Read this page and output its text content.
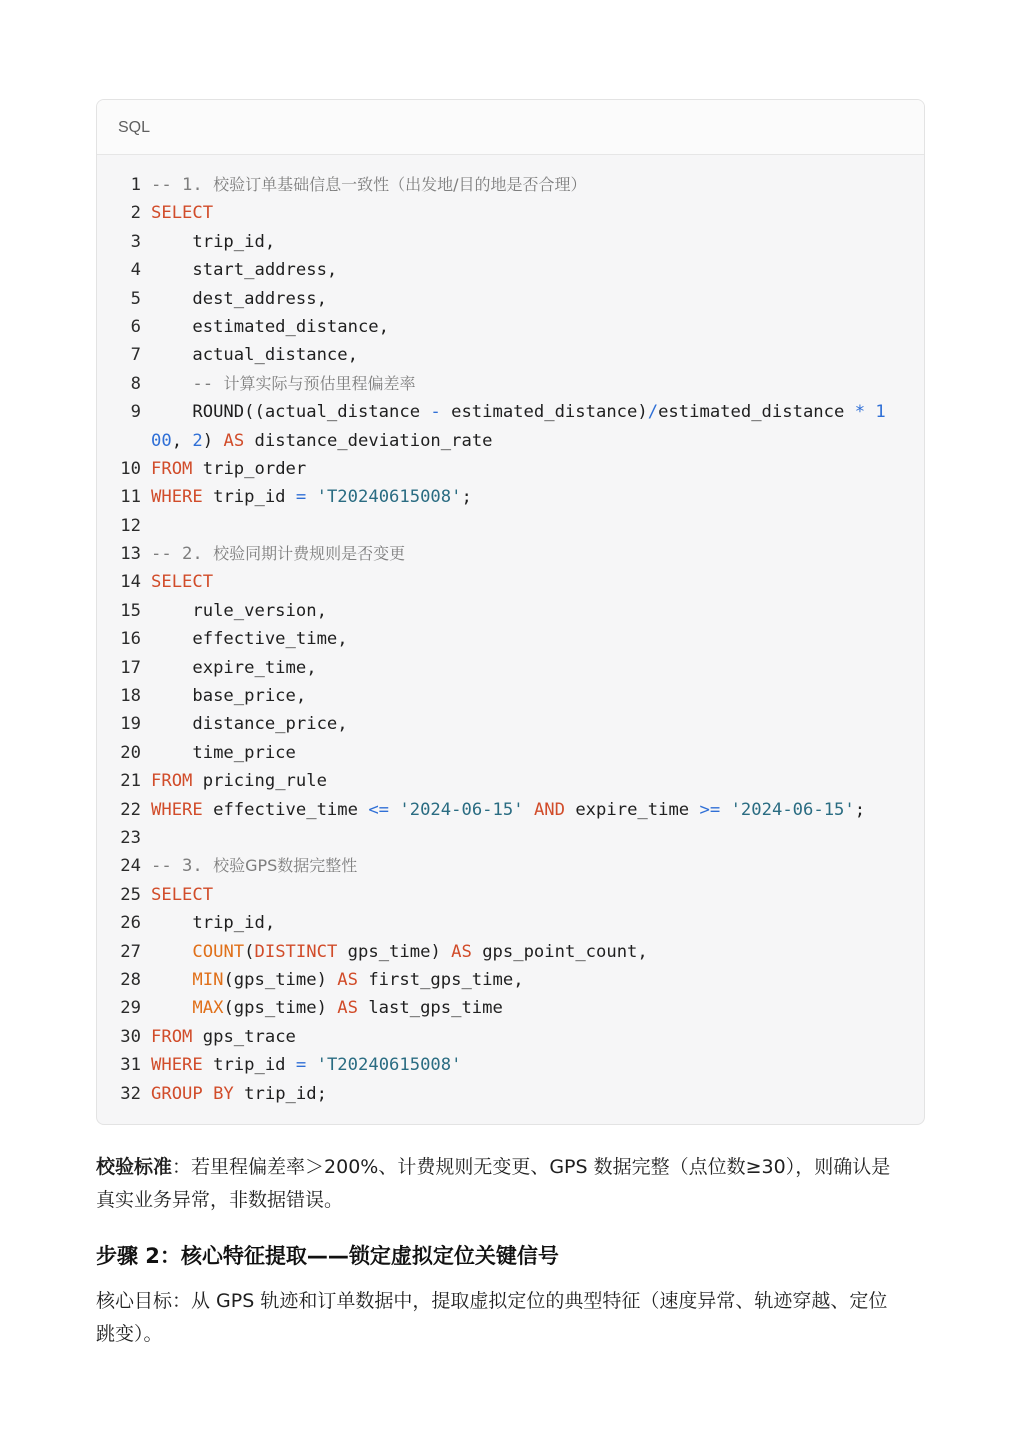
SQL
1 -- 1. 校验订单基础信息一致性（出发地/目的地是否合理）
2 SELECT
3 trip_id,
4 start_address,
5 dest_address,
6 estimated_distance,
7 actual_distance,
8 -- 计算实际与预估里程偏差率
9 ROUND((actual_distance - estimated_distance)/estimated_distance * 1
00, 2) AS distance_deviation_rate
10 FROM trip_order
11 WHERE trip_id = 'T20240615008';
12
13 -- 2. 校验同期计费规则是否变更
14 SELECT
15 rule_version,
16 effective_time,
17 expire_time,
18 base_price,
19 distance_price,
20 time_price
21 FROM pricing_rule
22 WHERE effective_time <= '2024-06-15' AND expire_time >= '2024-06-15';
23
24 -- 3. 校验GPS数据完整性
25 SELECT
26 trip_id,
27	COUNT(DISTINCT gps_time) AS gps_point_count,
28	MIN(gps_time) AS first_gps_time,
29	MAX(gps_time) AS last_gps_time
30 FROM gps_trace
31 WHERE trip_id = 'T20240615008'
32 GROUP BY trip_id;
校验标准：若里程偏差率＞200%、计费规则无变更、GPS 数据完整（点位数≥30），则确认是
真实业务异常，非数据错误。
步骤 2：核心特征提取——锁定虚拟定位关键信号
核心目标：从 GPS 轨迹和订单数据中，提取虚拟定位的典型特征（速度异常、轨迹穿越、定位
跳变）。
